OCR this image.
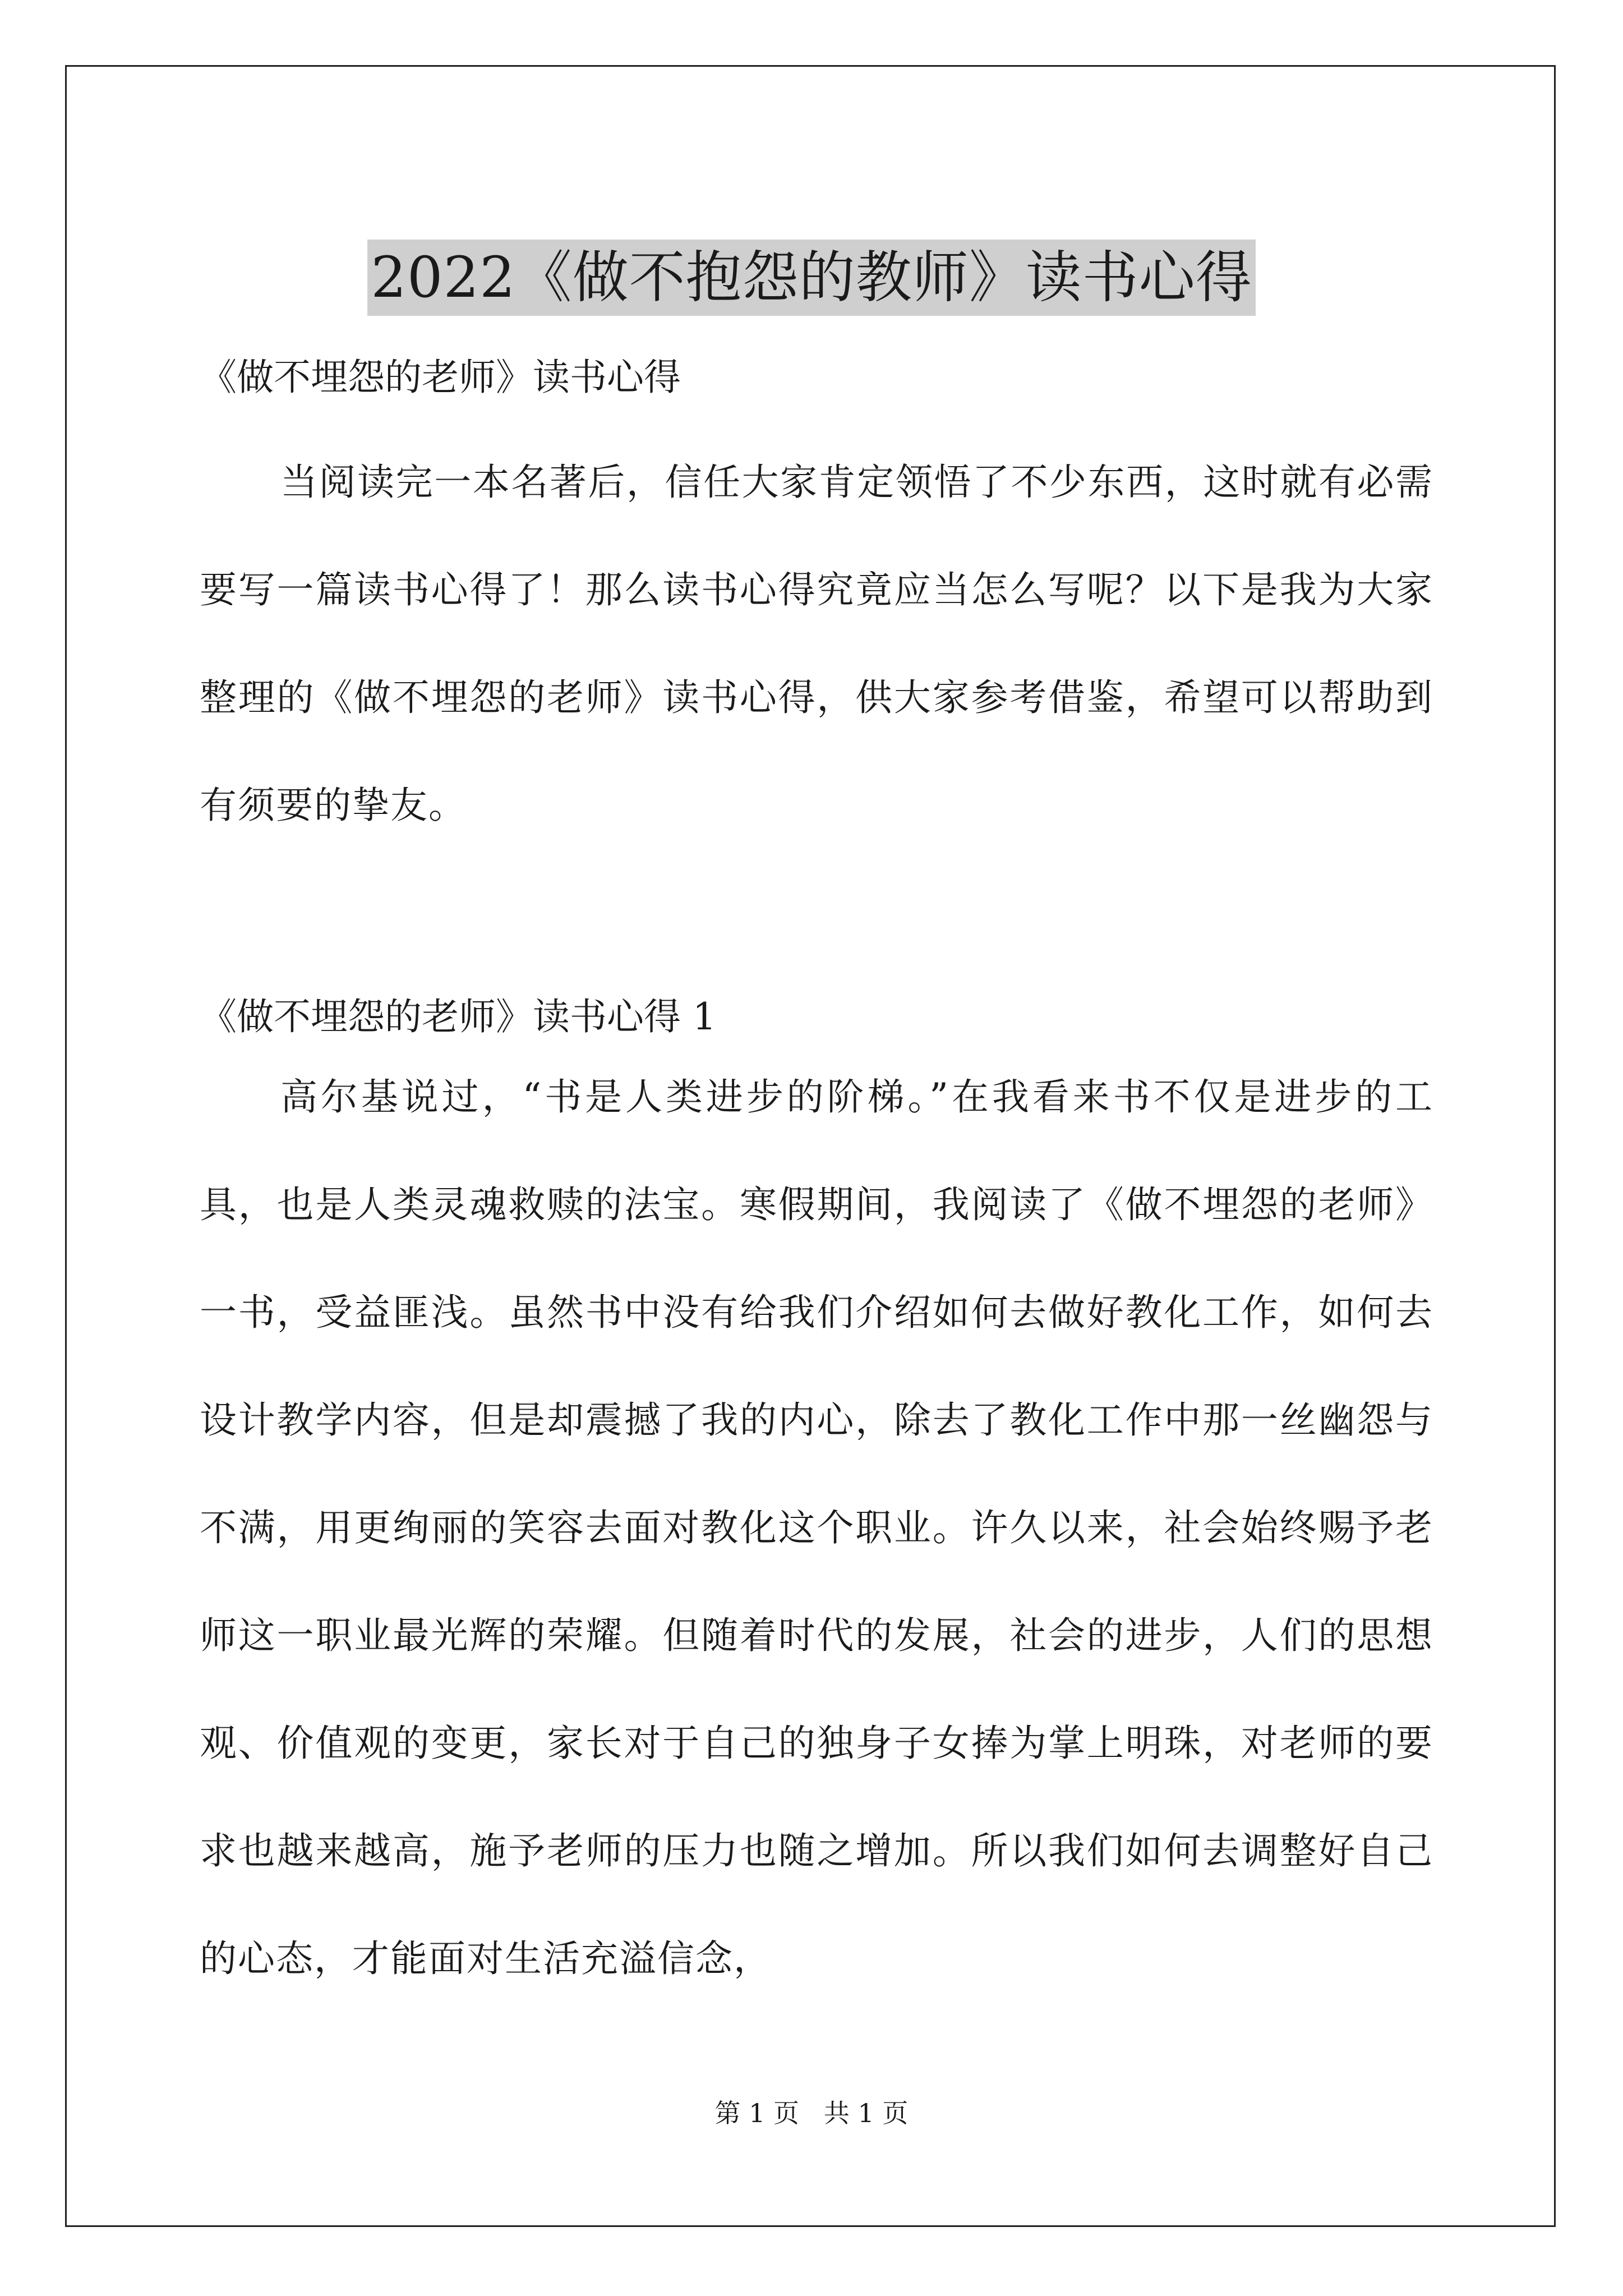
2022《做不抱怨的教师》读书心得
《做不埋怨的老师》读书心得

当阅读完一本名著后，信任大家肯定领悟了不少东西，这时就有必需要写一篇读书心得了！那么读书心得究竟应当怎么写呢？以下是我为大家整理的《做不埋怨的老师》读书心得，供大家参考借鉴，希望可以帮助到有须要的挚友。

《做不埋怨的老师》读书心得 1

高尔基说过，“书是人类进步的阶梯。”在我看来书不仅是进步的工具，也是人类灵魂救赎的法宝。寒假期间，我阅读了《做不埋怨的老师》一书，受益匪浅。虽然书中没有给我们介绍如何去做好教化工作，如何去设计教学内容，但是却震撼了我的内心，除去了教化工作中那一丝幽怨与不满，用更绚丽的笑容去面对教化这个职业。许久以来，社会始终赐予老师这一职业最光辉的荣耀。但随着时代的发展，社会的进步，人们的思想观、价值观的变更，家长对于自己的独身子女捧为掌上明珠，对老师的要求也越来越高，施予老师的压力也随之增加。所以我们如何去调整好自己的心态，才能面对生活充溢信念，

第 1 页   共 1 页
